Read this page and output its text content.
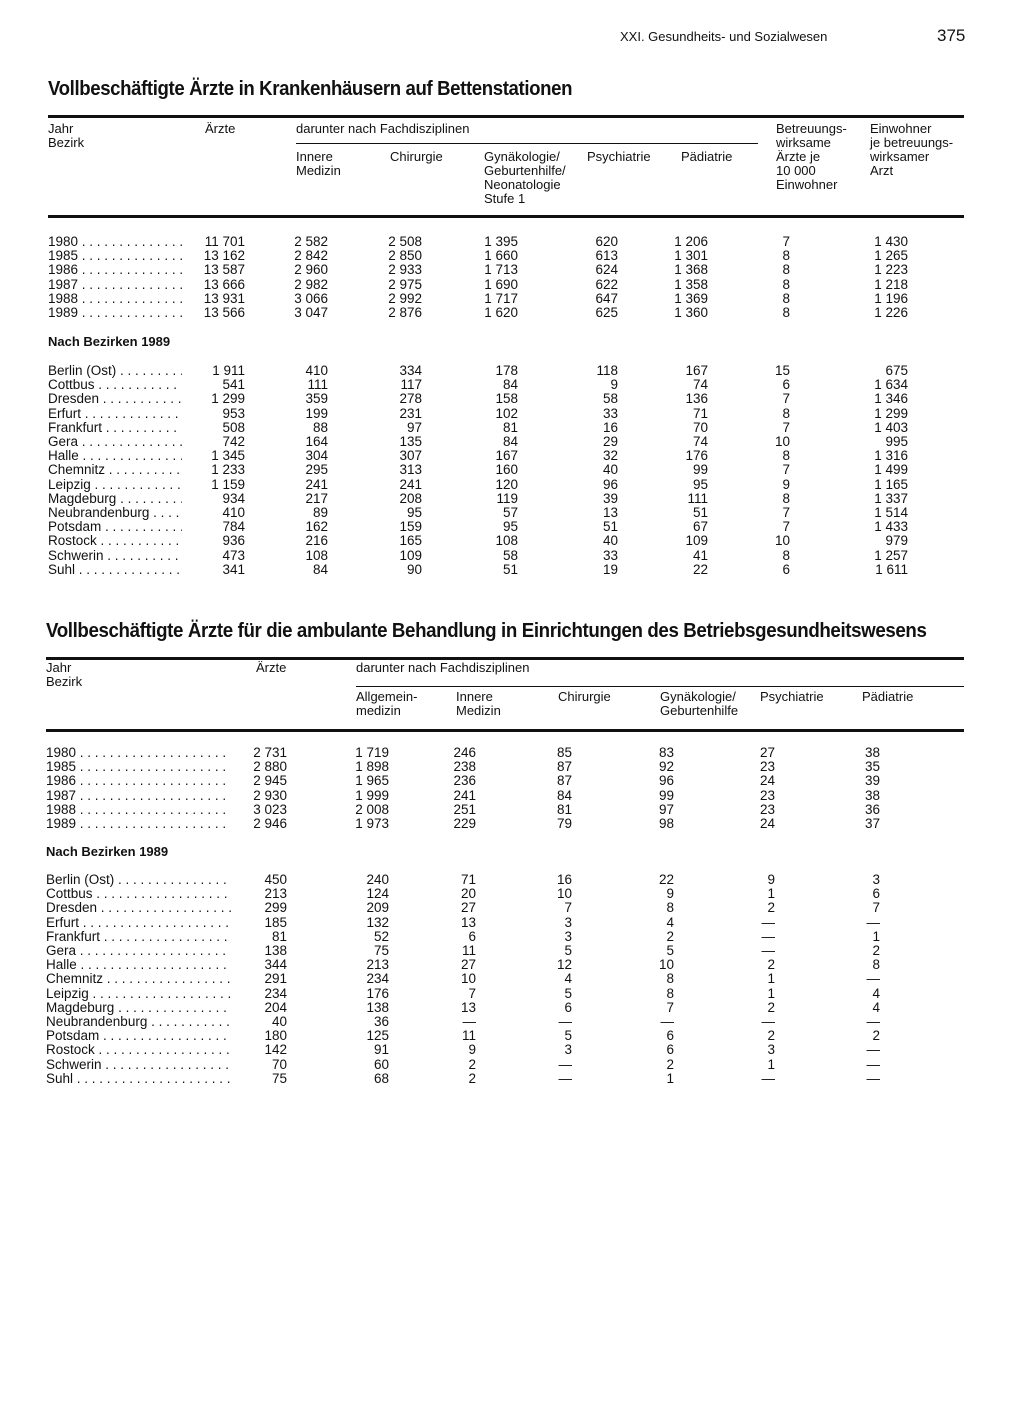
XXI. Gesundheits- und Sozialwesen	375
Vollbeschäftigte Ärzte in Krankenhäusern auf Bettenstationen
Jahr
Bezirk
Ärzte	darunter nach Fachdisziplinen
Innere
Medizin
Chirurgie	Gynäkologie/
Geburtenhilfe/
Neonatologie
Stufe 1
Psychiatrie Pädiatrie
Betreuungs-
wirksame
Ärzte je
10 000
Einwohner
Einwohner
je betreuungs-
wirksamer
Arzt
1980 . . .	11 701	2 582	2 508	1 395	620	1 206	7	1 430
1985 . . .	13 162	2 842	2 850	1 660	613	1 301	8	1 265
1986 . . .	13 587	2 960	2 933	1 713	624	1 368	8	1 223
1987 . . .	13 666	2 982	2 975	1 690	622	1 358	8	1 218
1988 . . .	13 931	3 066	2 992	1 717	647	1 369	8	1 196
1989 . . .	13 566	3 047	2 876	1 620	625	1 360	8	1 226
Berlin (Ost) . . .	1 911	410	334	178	118	167	15	675
Cottbus . . .	541	111	117	84	9	74	6	1 634
Dresden . . .	1 299	359	278	158	58	136	7	1 346
Erfurt . . .	953	199	231	102	33	71	8	1 299
Frankfurt . . .	508	88	97	81	16	70	7	1 403
Gera . . .	742	164	135	84	29	74	10	995
Halle . . .	1 345	304	307	167	32	176	8	1 316
Chemnitz . . .	1 233	295	313	160	40	99	7	1 499
Leipzig . . .	1 159	241	241	120	96	95	9	1 165
Magdeburg . . .	934	217	208	119	39	111	8	1 337
Neubrandenburg . . .	410	89	95	57	13	51	7	1 514
Potsdam . . .	784	162	159	95	51	67	7	1 433
Rostock . . .	936	216	165	108	40	109	10	979
Schwerin . . .	473	108	109	58	33	41	8	1 257
Suhl . . .	341	84	90	51	19	22	6	1 611
Nach Bezirken 1989
Vollbeschäftigte Ärzte für die ambulante Behandlung in Einrichtungen des Betriebsgesundheitswesens
Jahr
Bezirk
Ärzte	darunter nach Fachdisziplinen
Allgemein-
medizin
Innere
Medizin
Chirurgie	Gynäkologie/
Geburtenhilfe
Psychiatrie	Pädiatrie
1980 . . .	2 731	1 719	246	85	83	27	38
1985 . . .	2 880	1 898	238	87	92	23	35
1986 . . .	2 945	1 965	236	87	96	24	39
1987 . . .	2 930	1 999	241	84	99	23	38
1988 . . .	3 023	2 008	251	81	97	23	36
1989 . . .	2 946	1 973	229	79	98	24	37
Berlin (Ost) . . .	450	240	71	16	22	9	3
Cottbus . . .	213	124	20	10	9	1	6
Dresden . . .	299	209	27	7	8	2	7
Erfurt . . .	185	132	13	3	4	—	—
Frankfurt . . .	81	52	6	3	2	—	1
Gera . . .	138	75	11	5	5	—	2
Halle . . .	344	213	27	12	10	2	8
Chemnitz . . .	291	234	10	4	8	1	—
Leipzig . . .	234	176	7	5	8	1	4
Magdeburg . . .	204	138	13	6	7	2	4
Neubrandenburg . . .	40	36	—	—	—	—	—
Potsdam . . .	180	125	11	5	6	2	2
Rostock . . .	142	91	9	3	6	3	—
Schwerin . . .	70	60	2	—	2	1	—
Suhl . . .	75	68	2	—	1	—	—
Nach Bezirken 1989
